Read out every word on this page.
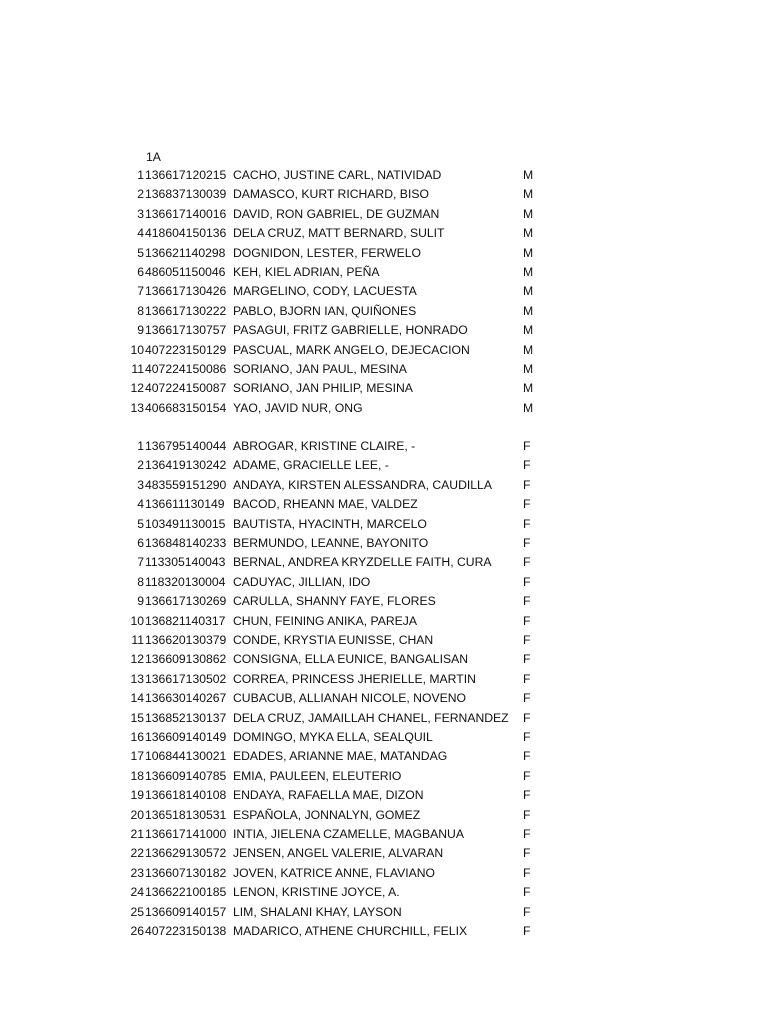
1A
1 136617120215 CACHO, JUSTINE CARL, NATIVIDAD	M
2 136837130039 DAMASCO, KURT RICHARD, BISO	M
3 136617140016 DAVID, RON GABRIEL, DE GUZMAN	M
4 418604150136 DELA CRUZ, MATT BERNARD, SULIT	M
5 136621140298 DOGNIDON, LESTER, FERWELO	M
6 486051150046 KEH, KIEL ADRIAN, PEÑA	M
7 136617130426 MARGELINO, CODY, LACUESTA	M
8 136617130222 PABLO, BJORN IAN, QUIÑONES	M
9 136617130757 PASAGUI, FRITZ GABRIELLE, HONRADO	M
10 407223150129 PASCUAL, MARK ANGELO, DEJECACION	M
11 407224150086 SORIANO, JAN PAUL, MESINA	M
12 407224150087 SORIANO, JAN PHILIP, MESINA	M
13 406683150154 YAO, JAVID NUR, ONG	M
1 136795140044 ABROGAR, KRISTINE CLAIRE, -	F
2 136419130242 ADAME, GRACIELLE LEE, -	F
3 483559151290 ANDAYA, KIRSTEN ALESSANDRA, CAUDILLA	F
4 136611130149 BACOD, RHEANN MAE, VALDEZ	F
5 103491130015 BAUTISTA, HYACINTH, MARCELO	F
6 136848140233 BERMUNDO, LEANNE, BAYONITO	F
7 113305140043 BERNAL, ANDREA KRYZDELLE FAITH, CURA	F
8 118320130004 CADUYAC, JILLIAN, IDO	F
9 136617130269 CARULLA, SHANNY FAYE, FLORES	F
10 136821140317 CHUN, FEINING ANIKA, PAREJA	F
11 136620130379 CONDE, KRYSTIA EUNISSE, CHAN	F
12 136609130862 CONSIGNA, ELLA EUNICE, BANGALISAN	F
13 136617130502 CORREA, PRINCESS JHERIELLE, MARTIN	F
14 136630140267 CUBACUB, ALLIANAH NICOLE, NOVENO	F
15 136852130137 DELA CRUZ, JAMAILLAH CHANEL, FERNANDEZ F
16 136609140149 DOMINGO, MYKA ELLA, SEALQUIL	F
17 106844130021 EDADES, ARIANNE MAE, MATANDAG	F
18 136609140785 EMIA, PAULEEN, ELEUTERIO	F
19 136618140108 ENDAYA, RAFAELLA MAE, DIZON	F
20 136518130531 ESPAÑOLA, JONNALYN, GOMEZ	F
21 136617141000 INTIA, JIELENA CZAMELLE, MAGBANUA	F
22 136629130572 JENSEN, ANGEL VALERIE, ALVARAN	F
23 136607130182 JOVEN, KATRICE ANNE, FLAVIANO	F
24 136622100185 LENON, KRISTINE JOYCE, A.	F
25 136609140157 LIM, SHALANI KHAY, LAYSON	F
26 407223150138 MADARICO, ATHENE CHURCHILL, FELIX	F
